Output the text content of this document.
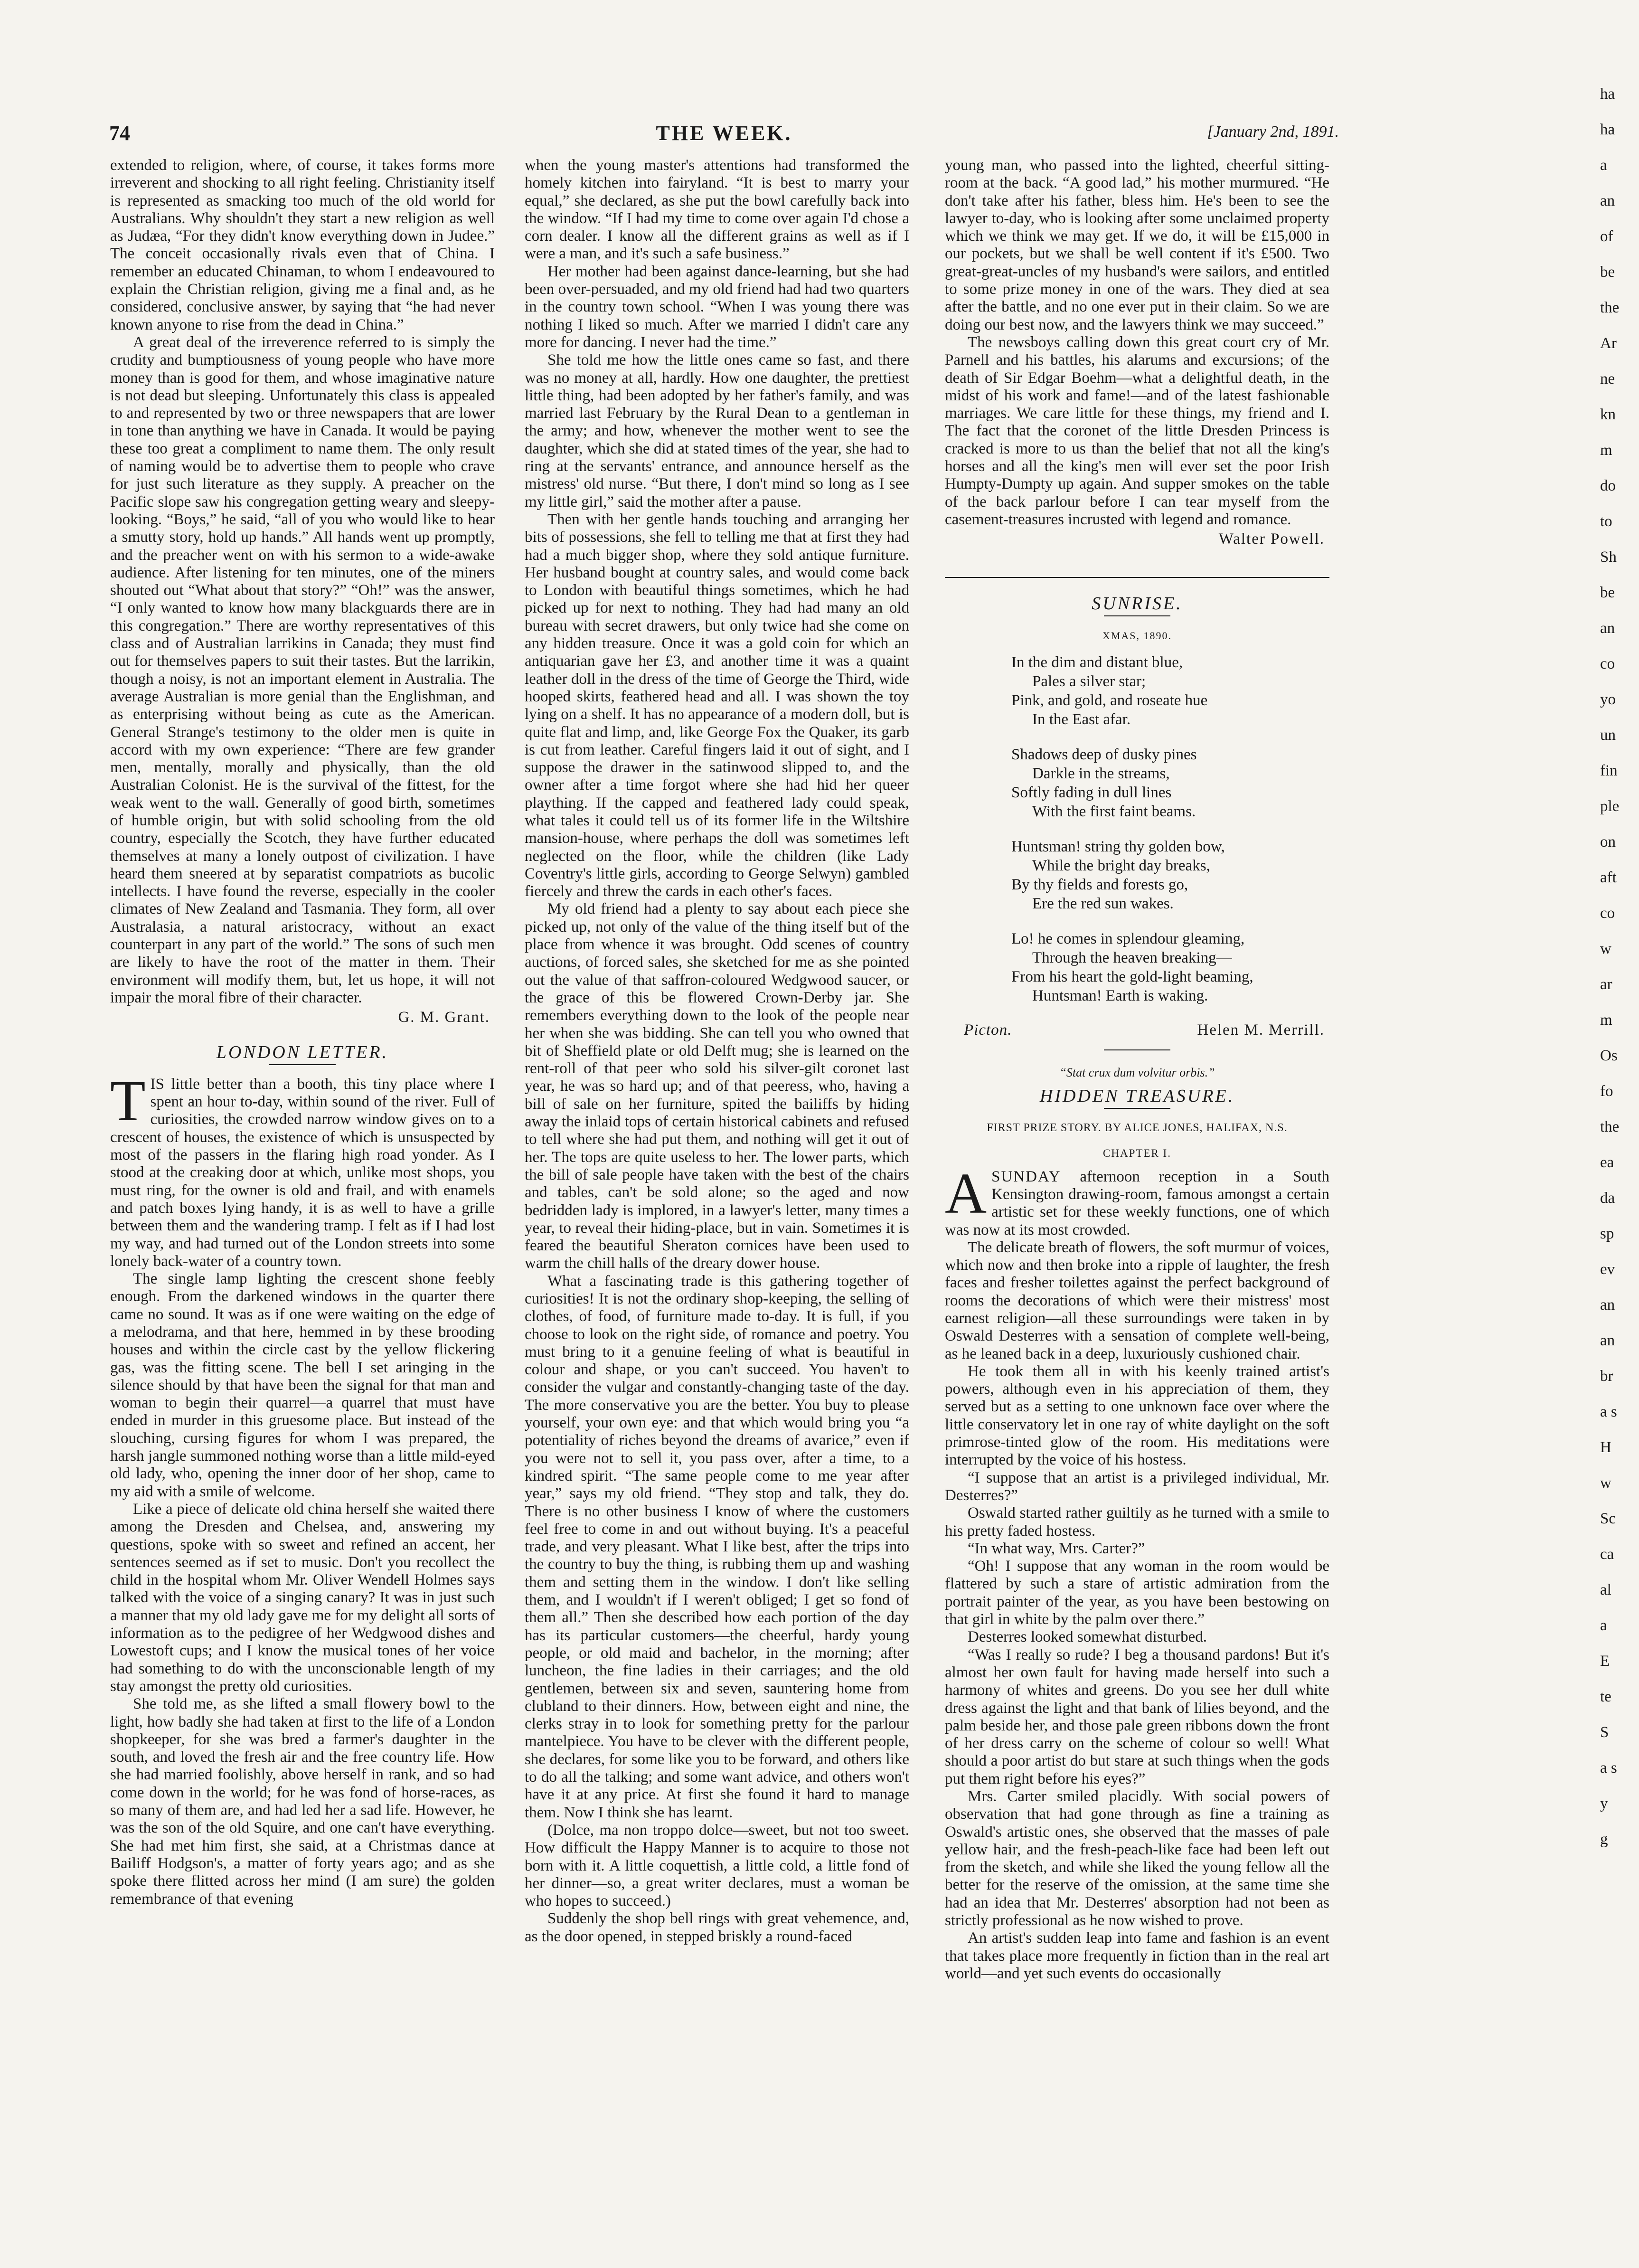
74	THE WEEK.	[January 2nd, 1891.

extended to religion, where, of course, it takes forms more irreverent and shocking to all right feeling. Christianity itself is represented as smacking too much of the old world for Australians. Why shouldn't they start a new religion as well as Judæa, “For they didn't know everything down in Judee.” The conceit occasionally rivals even that of China. I remember an educated Chinaman, to whom I endeavoured to explain the Christian religion, giving me a final and, as he considered, conclusive answer, by saying that “he had never known anyone to rise from the dead in China.”

A great deal of the irreverence referred to is simply the crudity and bumptiousness of young people who have more money than is good for them, and whose imaginative nature is not dead but sleeping. Unfortunately this class is appealed to and represented by two or three newspapers that are lower in tone than anything we have in Canada. It would be paying these too great a compliment to name them. The only result of naming would be to advertise them to people who crave for just such literature as they supply. A preacher on the Pacific slope saw his congregation getting weary and sleepy-looking. “Boys,” he said, “all of you who would like to hear a smutty story, hold up hands.” All hands went up promptly, and the preacher went on with his sermon to a wide-awake audience. After listening for ten minutes, one of the miners shouted out “What about that story?” “Oh!” was the answer, “I only wanted to know how many blackguards there are in this congregation.” There are worthy representatives of this class and of Australian larrikins in Canada; they must find out for themselves papers to suit their tastes. But the larrikin, though a noisy, is not an important element in Australia. The average Australian is more genial than the Englishman, and as enterprising without being as cute as the American. General Strange's testimony to the older men is quite in accord with my own experience: “There are few grander men, mentally, morally and physically, than the old Australian Colonist. He is the survival of the fittest, for the weak went to the wall. Generally of good birth, sometimes of humble origin, but with solid schooling from the old country, especially the Scotch, they have further educated themselves at many a lonely outpost of civilization. I have heard them sneered at by separatist compatriots as bucolic intellects. I have found the reverse, especially in the cooler climates of New Zealand and Tasmania. They form, all over Australasia, a natural aristocracy, without an exact counterpart in any part of the world.” The sons of such men are likely to have the root of the matter in them. Their environment will modify them, but, let us hope, it will not impair the moral fibre of their character.

G. M. Grant.
LONDON LETTER.

TIS little better than a booth, this tiny place where I spent an hour to-day, within sound of the river. Full of curiosities, the crowded narrow window gives on to a crescent of houses, the existence of which is unsuspected by most of the passers in the flaring high road yonder. As I stood at the creaking door at which, unlike most shops, you must ring, for the owner is old and frail, and with enamels and patch boxes lying handy, it is as well to have a grille between them and the wandering tramp. I felt as if I had lost my way, and had turned out of the London streets into some lonely back-water of a country town.

The single lamp lighting the crescent shone feebly enough. From the darkened windows in the quarter there came no sound. It was as if one were waiting on the edge of a melodrama, and that here, hemmed in by these brooding houses and within the circle cast by the yellow flickering gas, was the fitting scene. The bell I set aringing in the silence should by that have been the signal for that man and woman to begin their quarrel—a quarrel that must have ended in murder in this gruesome place. But instead of the slouching, cursing figures for whom I was prepared, the harsh jangle summoned nothing worse than a little mild-eyed old lady, who, opening the inner door of her shop, came to my aid with a smile of welcome.

Like a piece of delicate old china herself she waited there among the Dresden and Chelsea, and, answering my questions, spoke with so sweet and refined an accent, her sentences seemed as if set to music. Don't you recollect the child in the hospital whom Mr. Oliver Wendell Holmes says talked with the voice of a singing canary? It was in just such a manner that my old lady gave me for my delight all sorts of information as to the pedigree of her Wedgwood dishes and Lowestoft cups; and I know the musical tones of her voice had something to do with the unconscionable length of my stay amongst the pretty old curiosities.

She told me, as she lifted a small flowery bowl to the light, how badly she had taken at first to the life of a London shopkeeper, for she was bred a farmer's daughter in the south, and loved the fresh air and the free country life. How she had married foolishly, above herself in rank, and so had come down in the world; for he was fond of horse-races, as so many of them are, and had led her a sad life. However, he was the son of the old Squire, and one can't have everything. She had met him first, she said, at a Christmas dance at Bailiff Hodgson's, a matter of forty years ago; and as she spoke there flitted across her mind (I am sure) the golden remembrance of that evening

when the young master's attentions had transformed the homely kitchen into fairyland. “It is best to marry your equal,” she declared, as she put the bowl carefully back into the window. “If I had my time to come over again I'd chose a corn dealer. I know all the different grains as well as if I were a man, and it's such a safe business.”

Her mother had been against dance-learning, but she had been over-persuaded, and my old friend had had two quarters in the country town school. “When I was young there was nothing I liked so much. After we married I didn't care any more for dancing. I never had the time.”

She told me how the little ones came so fast, and there was no money at all, hardly. How one daughter, the prettiest little thing, had been adopted by her father's family, and was married last February by the Rural Dean to a gentleman in the army; and how, whenever the mother went to see the daughter, which she did at stated times of the year, she had to ring at the servants' entrance, and announce herself as the mistress' old nurse. “But there, I don't mind so long as I see my little girl,” said the mother after a pause.

Then with her gentle hands touching and arranging her bits of possessions, she fell to telling me that at first they had had a much bigger shop, where they sold antique furniture. Her husband bought at country sales, and would come back to London with beautiful things sometimes, which he had picked up for next to nothing. They had had many an old bureau with secret drawers, but only twice had she come on any hidden treasure. Once it was a gold coin for which an antiquarian gave her £3, and another time it was a quaint leather doll in the dress of the time of George the Third, wide hooped skirts, feathered head and all. I was shown the toy lying on a shelf. It has no appearance of a modern doll, but is quite flat and limp, and, like George Fox the Quaker, its garb is cut from leather. Careful fingers laid it out of sight, and I suppose the drawer in the satinwood slipped to, and the owner after a time forgot where she had hid her queer plaything. If the capped and feathered lady could speak, what tales it could tell us of its former life in the Wiltshire mansion-house, where perhaps the doll was sometimes left neglected on the floor, while the children (like Lady Coventry's little girls, according to George Selwyn) gambled fiercely and threw the cards in each other's faces.

My old friend had a plenty to say about each piece she picked up, not only of the value of the thing itself but of the place from whence it was brought. Odd scenes of country auctions, of forced sales, she sketched for me as she pointed out the value of that saffron-coloured Wedgwood saucer, or the grace of this be flowered Crown-Derby jar. She remembers everything down to the look of the people near her when she was bidding. She can tell you who owned that bit of Sheffield plate or old Delft mug; she is learned on the rent-roll of that peer who sold his silver-gilt coronet last year, he was so hard up; and of that peeress, who, having a bill of sale on her furniture, spited the bailiffs by hiding away the inlaid tops of certain historical cabinets and refused to tell where she had put them, and nothing will get it out of her. The tops are quite useless to her. The lower parts, which the bill of sale people have taken with the best of the chairs and tables, can't be sold alone; so the aged and now bedridden lady is implored, in a lawyer's letter, many times a year, to reveal their hiding-place, but in vain. Sometimes it is feared the beautiful Sheraton cornices have been used to warm the chill halls of the dreary dower house.

What a fascinating trade is this gathering together of curiosities! It is not the ordinary shop-keeping, the selling of clothes, of food, of furniture made to-day. It is full, if you choose to look on the right side, of romance and poetry. You must bring to it a genuine feeling of what is beautiful in colour and shape, or you can't succeed. You haven't to consider the vulgar and constantly-changing taste of the day. The more conservative you are the better. You buy to please yourself, your own eye: and that which would bring you “a potentiality of riches beyond the dreams of avarice,” even if you were not to sell it, you pass over, after a time, to a kindred spirit. “The same people come to me year after year,” says my old friend. “They stop and talk, they do. There is no other business I know of where the customers feel free to come in and out without buying. It's a peaceful trade, and very pleasant. What I like best, after the trips into the country to buy the thing, is rubbing them up and washing them and setting them in the window. I don't like selling them, and I wouldn't if I weren't obliged; I get so fond of them all.” Then she described how each portion of the day has its particular customers—the cheerful, hardy young people, or old maid and bachelor, in the morning; after luncheon, the fine ladies in their carriages; and the old gentlemen, between six and seven, sauntering home from clubland to their dinners. How, between eight and nine, the clerks stray in to look for something pretty for the parlour mantelpiece. You have to be clever with the different people, she declares, for some like you to be forward, and others like to do all the talking; and some want advice, and others won't have it at any price. At first she found it hard to manage them. Now I think she has learnt.

(Dolce, ma non troppo dolce—sweet, but not too sweet. How difficult the Happy Manner is to acquire to those not born with it. A little coquettish, a little cold, a little fond of her dinner—so, a great writer declares, must a woman be who hopes to succeed.)

Suddenly the shop bell rings with great vehemence, and, as the door opened, in stepped briskly a round-faced

young man, who passed into the lighted, cheerful sitting-room at the back. “A good lad,” his mother murmured. “He don't take after his father, bless him. He's been to see the lawyer to-day, who is looking after some unclaimed property which we think we may get. If we do, it will be £15,000 in our pockets, but we shall be well content if it's £500. Two great-great-uncles of my husband's were sailors, and entitled to some prize money in one of the wars. They died at sea after the battle, and no one ever put in their claim. So we are doing our best now, and the lawyers think we may succeed.”

The newsboys calling down this great court cry of Mr. Parnell and his battles, his alarums and excursions; of the death of Sir Edgar Boehm—what a delightful death, in the midst of his work and fame!—and of the latest fashionable marriages. We care little for these things, my friend and I. The fact that the coronet of the little Dresden Princess is cracked is more to us than the belief that not all the king's horses and all the king's men will ever set the poor Irish Humpty-Dumpty up again. And supper smokes on the table of the back parlour before I can tear myself from the casement-treasures incrusted with legend and romance.

Walter Powell.
SUNRISE.
XMAS, 1890.
In the dim and distant blue,
Pales a silver star;
Pink, and gold, and roseate hue
In the East afar.
Shadows deep of dusky pines
Darkle in the streams,
Softly fading in dull lines
With the first faint beams.
Huntsman! string thy golden bow,
While the bright day breaks,
By thy fields and forests go,
Ere the red sun wakes.
Lo! he comes in splendour gleaming,
Through the heaven breaking—
From his heart the gold-light beaming,
Huntsman! Earth is waking.
Picton.	Helen M. Merrill.
“Stat crux dum volvitur orbis.”
HIDDEN TREASURE.
FIRST PRIZE STORY. BY ALICE JONES, HALIFAX, N.S.
CHAPTER I.

ASUNDAY afternoon reception in a South Kensington drawing-room, famous amongst a certain artistic set for these weekly functions, one of which was now at its most crowded.

The delicate breath of flowers, the soft murmur of voices, which now and then broke into a ripple of laughter, the fresh faces and fresher toilettes against the perfect background of rooms the decorations of which were their mistress' most earnest religion—all these surroundings were taken in by Oswald Desterres with a sensation of complete well-being, as he leaned back in a deep, luxuriously cushioned chair.

He took them all in with his keenly trained artist's powers, although even in his appreciation of them, they served but as a setting to one unknown face over where the little conservatory let in one ray of white daylight on the soft primrose-tinted glow of the room. His meditations were interrupted by the voice of his hostess.

“I suppose that an artist is a privileged individual, Mr. Desterres?”

Oswald started rather guiltily as he turned with a smile to his pretty faded hostess.

“In what way, Mrs. Carter?”

“Oh! I suppose that any woman in the room would be flattered by such a stare of artistic admiration from the portrait painter of the year, as you have been bestowing on that girl in white by the palm over there.”

Desterres looked somewhat disturbed.

“Was I really so rude? I beg a thousand pardons! But it's almost her own fault for having made herself into such a harmony of whites and greens. Do you see her dull white dress against the light and that bank of lilies beyond, and the palm beside her, and those pale green ribbons down the front of her dress carry on the scheme of colour so well! What should a poor artist do but stare at such things when the gods put them right before his eyes?”

Mrs. Carter smiled placidly. With social powers of observation that had gone through as fine a training as Oswald's artistic ones, she observed that the masses of pale yellow hair, and the fresh-peach-like face had been left out from the sketch, and while she liked the young fellow all the better for the reserve of the omission, at the same time she had an idea that Mr. Desterres' absorption had not been as strictly professional as he now wished to prove.

An artist's sudden leap into fame and fashion is an event that takes place more frequently in fiction than in the real art world—and yet such events do occasionally

ha
ha
a
an
of
be
the
Ar
ne
kn
m
do
to
Sh
be
an
co
yo
un
fin
ple
on
aft
co
w
ar
m
Os
fo
the
ea
da
sp
ev
an
an
br
a s
H
w
Sc
ca
al
a
E
te
S
a s
y
g
